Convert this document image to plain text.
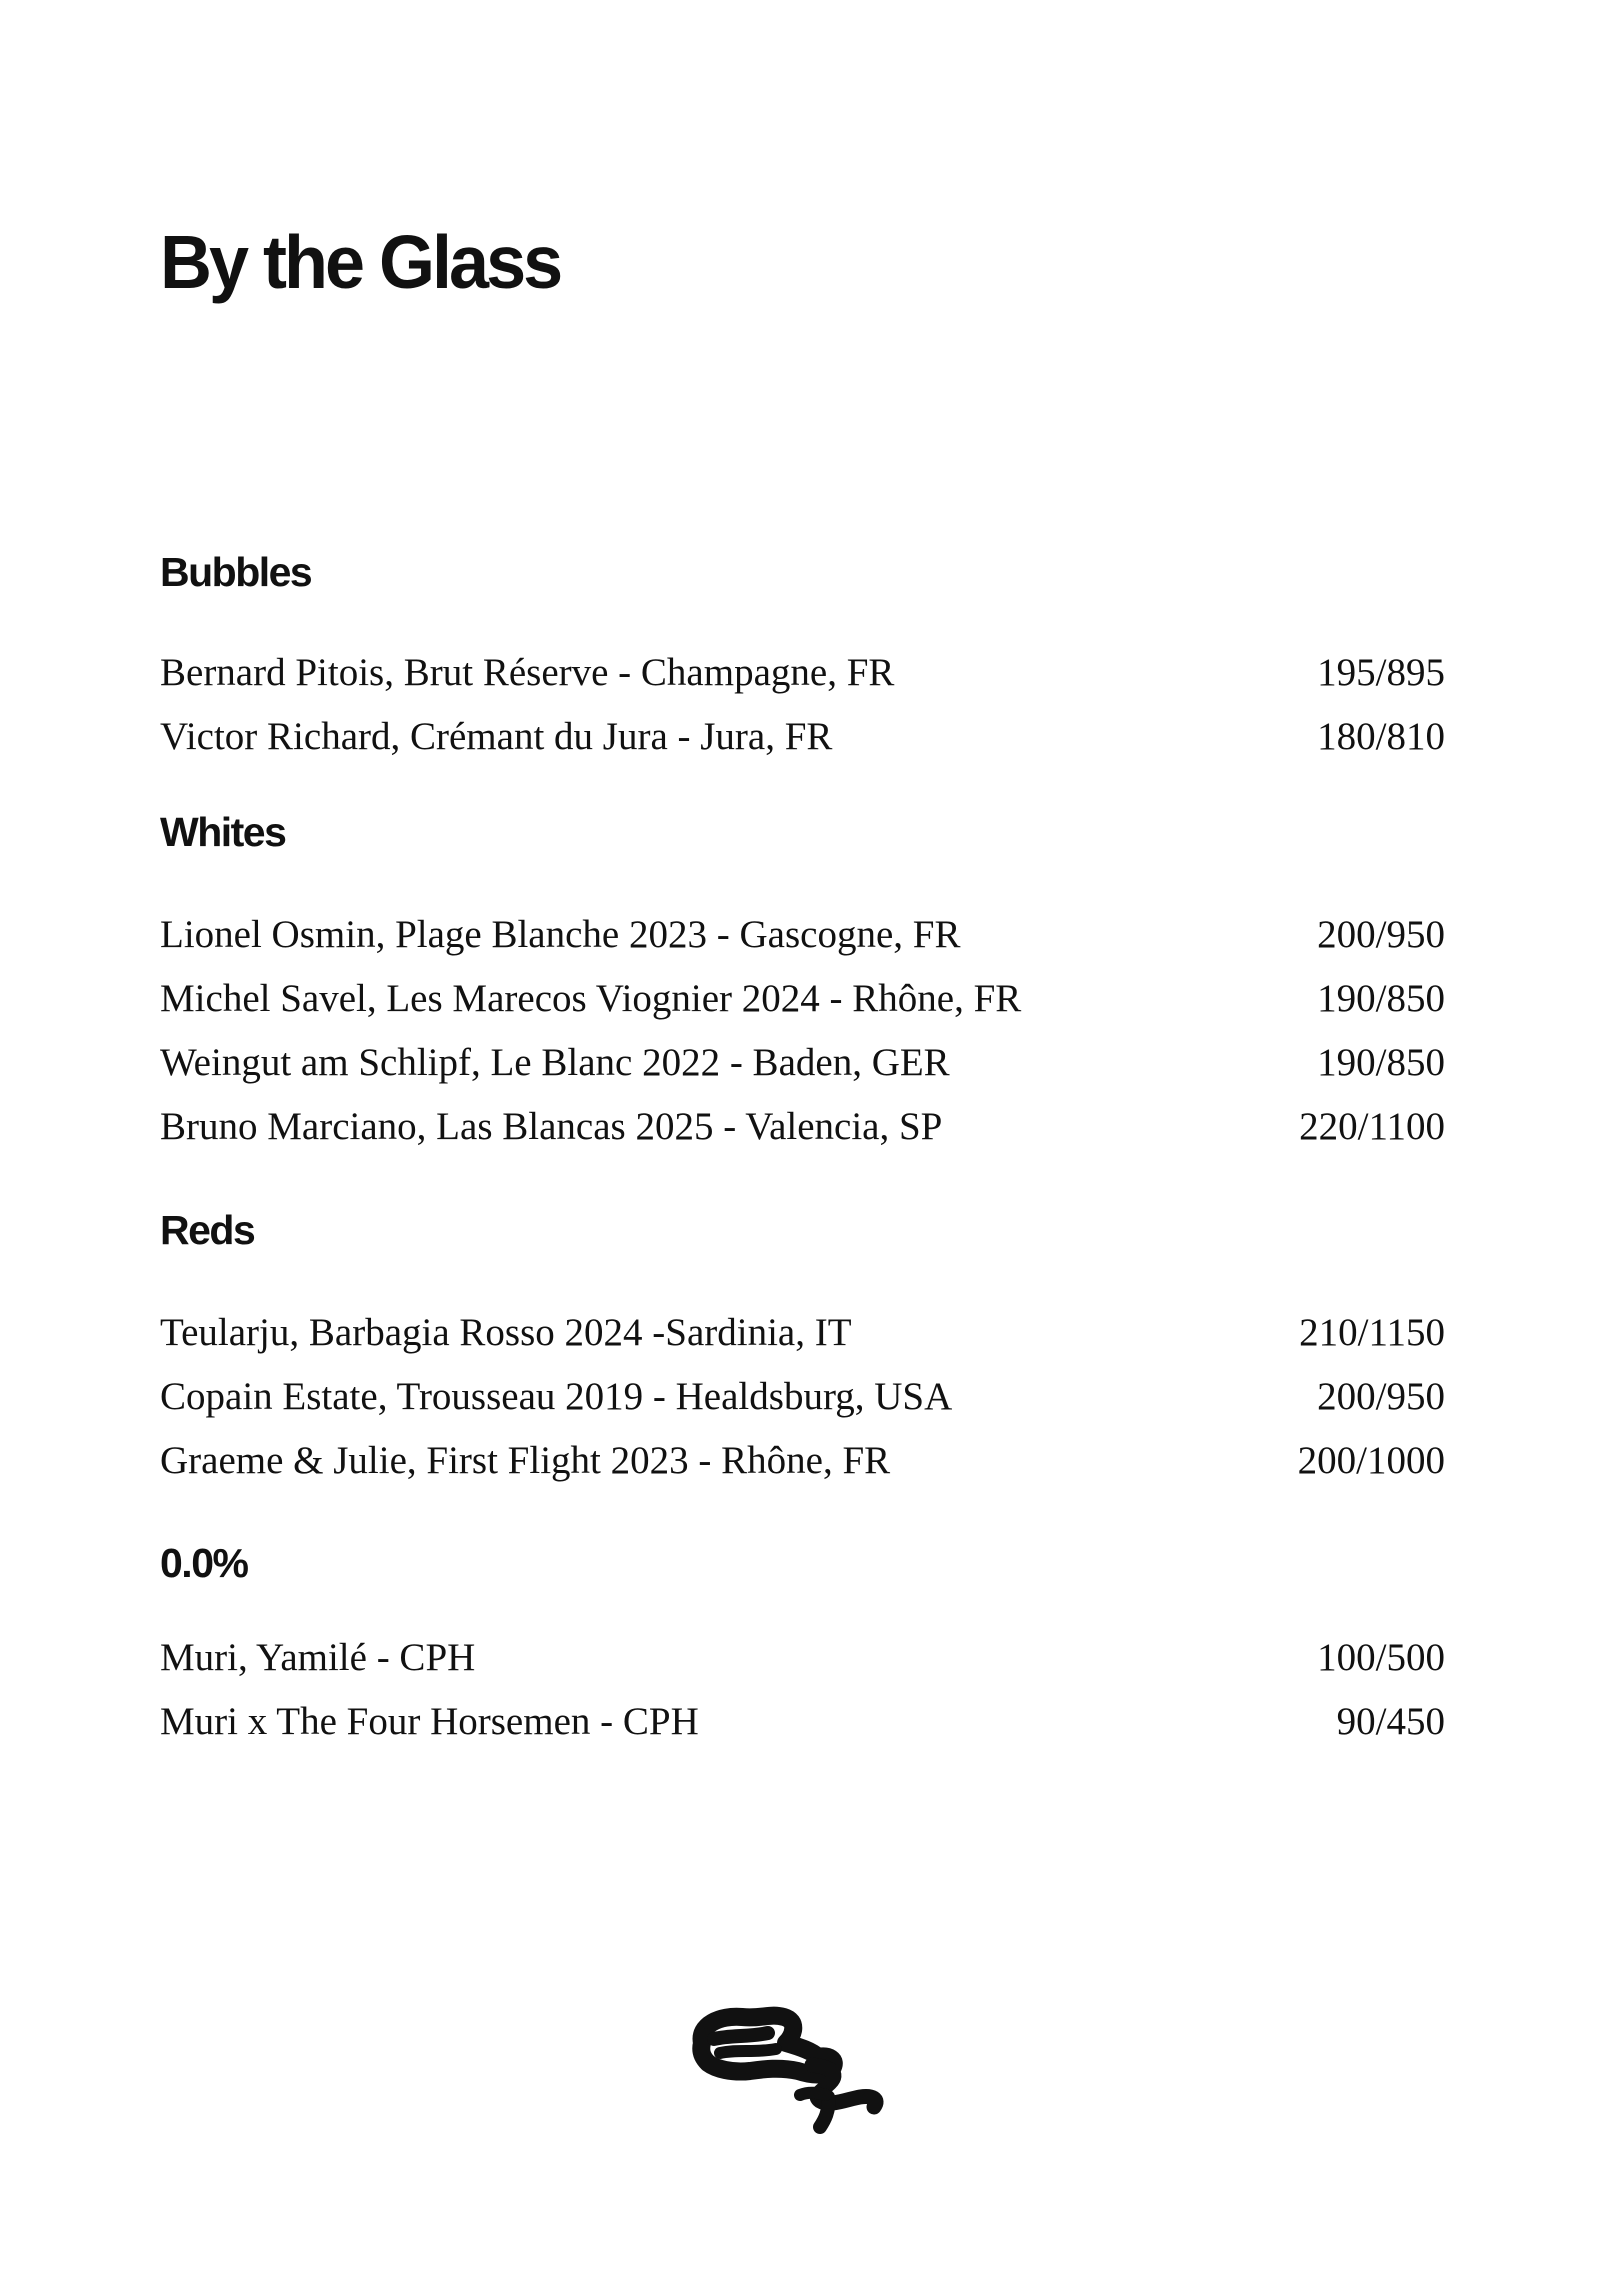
By the Glass
Bubbles
Bernard Pitois, Brut Réserve - Champagne, FR	195/895
Victor Richard, Crémant du Jura - Jura, FR	180/810
Whites
Lionel Osmin, Plage Blanche 2023 - Gascogne, FR	200/950
Michel Savel, Les Marecos Viognier 2024 - Rhône, FR	190/850
Weingut am Schlipf, Le Blanc 2022 - Baden, GER	190/850
Bruno Marciano, Las Blancas 2025 - Valencia, SP	220/1100
Reds
Teularju, Barbagia Rosso 2024 -Sardinia, IT	210/1150
Copain Estate, Trousseau 2019 - Healdsburg, USA	200/950
Graeme & Julie, First Flight 2023 - Rhône, FR	200/1000
0.0%
Muri, Yamilé - CPH	100/500
Muri x The Four Horsemen - CPH	90/450
